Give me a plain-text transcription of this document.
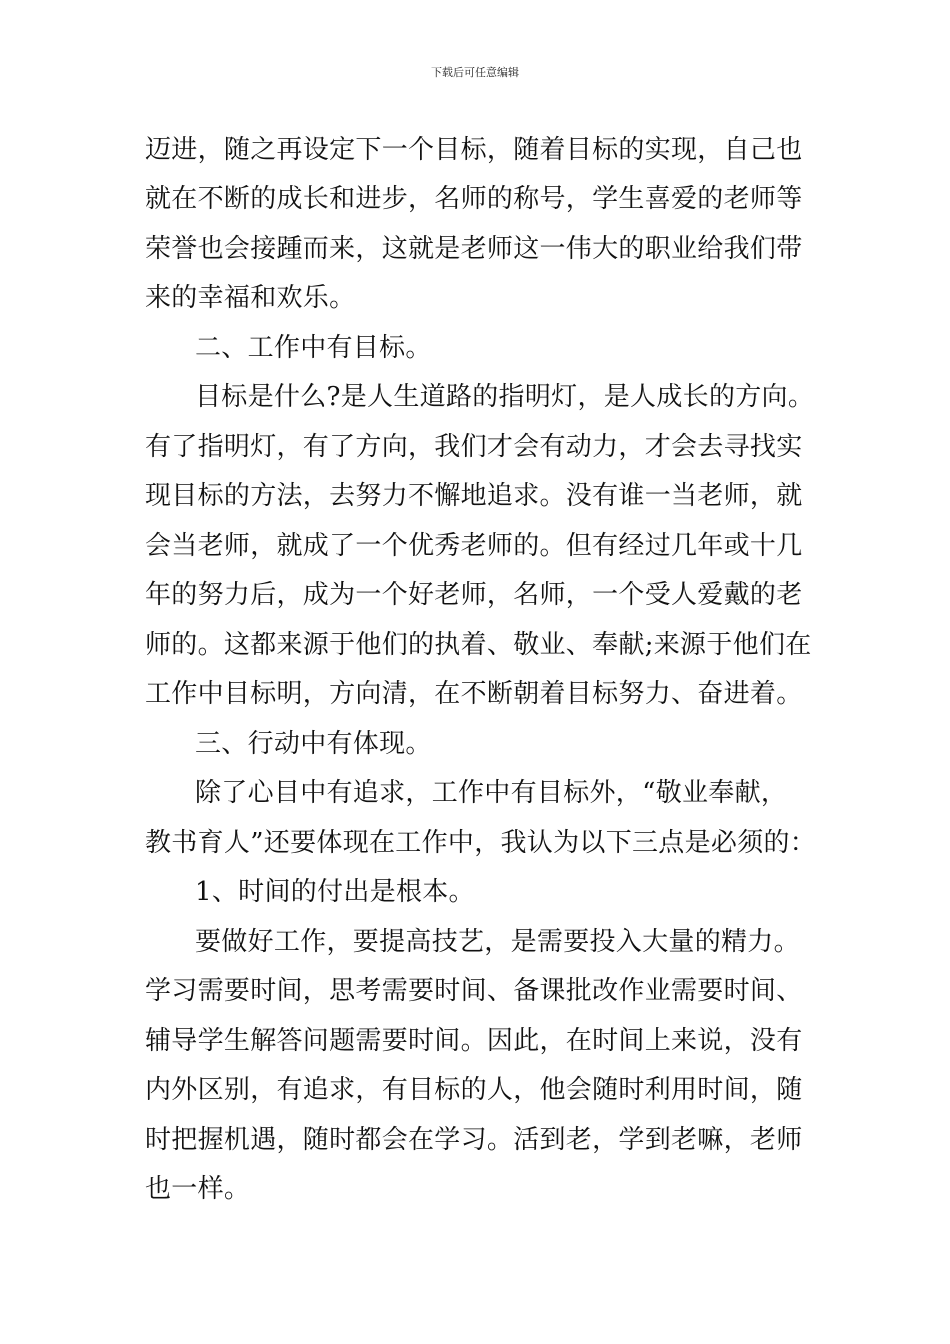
下载后可任意编辑
迈进，随之再设定下一个目标，随着目标的实现，自己也
就在不断的成长和进步，名师的称号，学生喜爱的老师等
荣誉也会接踵而来，这就是老师这一伟大的职业给我们带
来的幸福和欢乐。
二、工作中有目标。
目标是什么?是人生道路的指明灯，是人成长的方向。
有了指明灯，有了方向，我们才会有动力，才会去寻找实
现目标的方法，去努力不懈地追求。没有谁一当老师，就
会当老师，就成了一个优秀老师的。但有经过几年或十几
年的努力后，成为一个好老师，名师，一个受人爱戴的老
师的。这都来源于他们的执着、敬业、奉献;来源于他们在
工作中目标明，方向清，在不断朝着目标努力、奋进着。
三、行动中有体现。
除了心目中有追求，工作中有目标外，“敬业奉献，
教书育人”还要体现在工作中，我认为以下三点是必须的：
1、时间的付出是根本。
要做好工作，要提高技艺，是需要投入大量的精力。
学习需要时间，思考需要时间、备课批改作业需要时间、
辅导学生解答问题需要时间。因此，在时间上来说，没有
内外区别，有追求，有目标的人，他会随时利用时间，随
时把握机遇，随时都会在学习。活到老，学到老嘛，老师
也一样。
